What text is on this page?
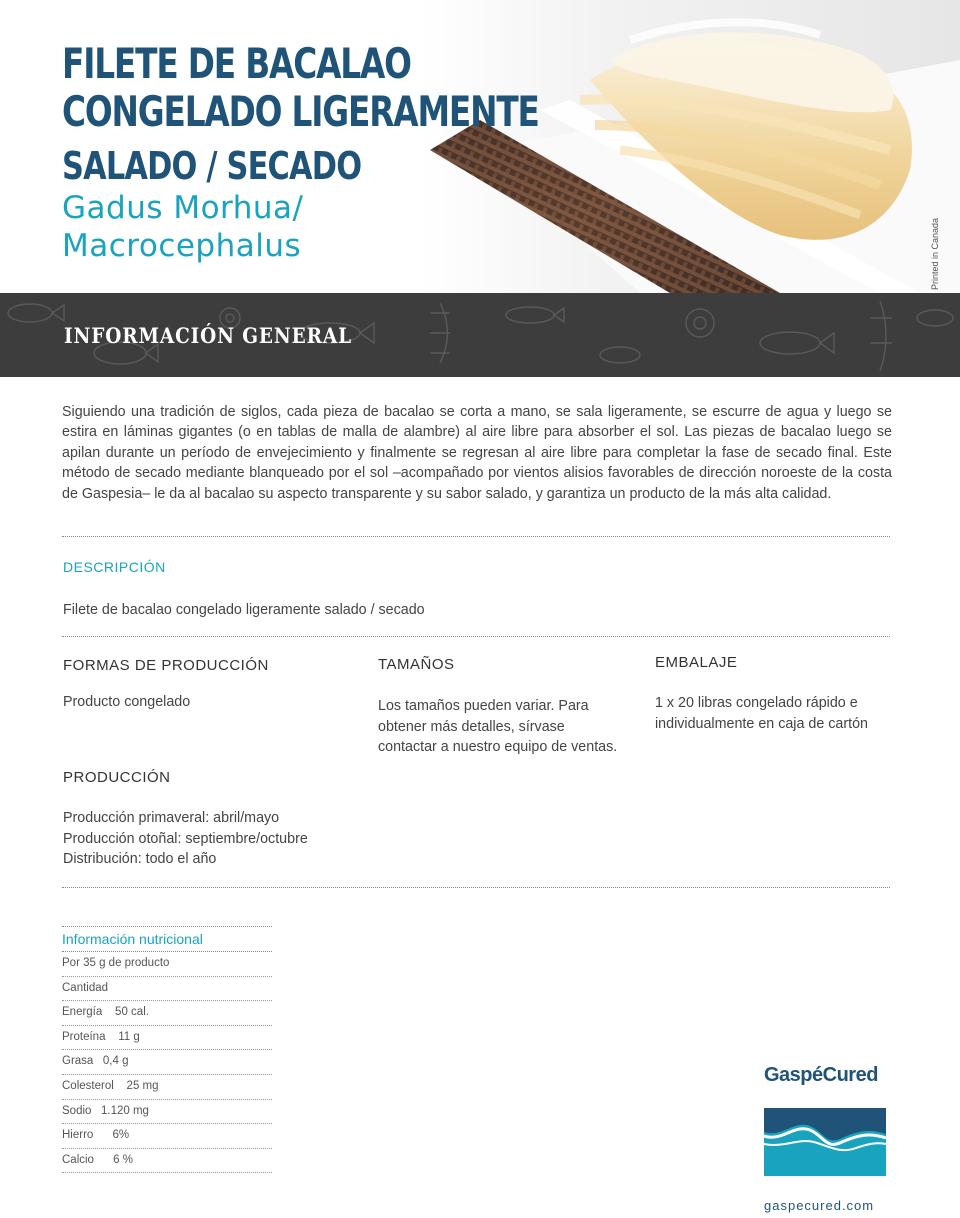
FILETE DE BACALAO
CONGELADO LIGERAMENTE
SALADO / SECADO
Gadus Morhua/
Macrocephalus	Printed in Canada
INFORMACIÓN GENERAL
Siguiendo una tradición de siglos, cada pieza de bacalao se corta a mano, se sala ligeramente, se escurre de agua y luego se estira en láminas gigantes (o en tablas de malla de alambre) al aire libre para absorber el sol. Las piezas de bacalao luego se apilan durante un período de envejecimiento y finalmente se regresan al aire libre para completar la fase de secado final. Este método de secado mediante blanqueado por el sol –acompañado por vientos alisios favorables de dirección noroeste de la costa de Gaspesia– le da al bacalao su aspecto transparente y su sabor salado, y garantiza un producto de la más alta calidad.
DESCRIPCIÓN
Filete de bacalao congelado ligeramente salado / secado
FORMAS DE PRODUCCIÓN
Producto congelado
TAMAÑOS
Los tamaños pueden variar. Para
obtener más detalles, sírvase
contactar a nuestro equipo de ventas.
EMBALAJE
1 x 20 libras congelado rápido e
individualmente en caja de cartón
PRODUCCIÓN
Producción primaveral: abril/mayo
Producción otoñal: septiembre/octubre
Distribución: todo el año
Información nutricional
Por 35 g de producto
Cantidad
Energía    50 cal.
Proteína    11 g
Grasa   0,4 g
Colesterol    25 mg
Sodio   1.120 mg
Hierro      6%
Calcio      6 %
GaspéCured
gaspecured.com
